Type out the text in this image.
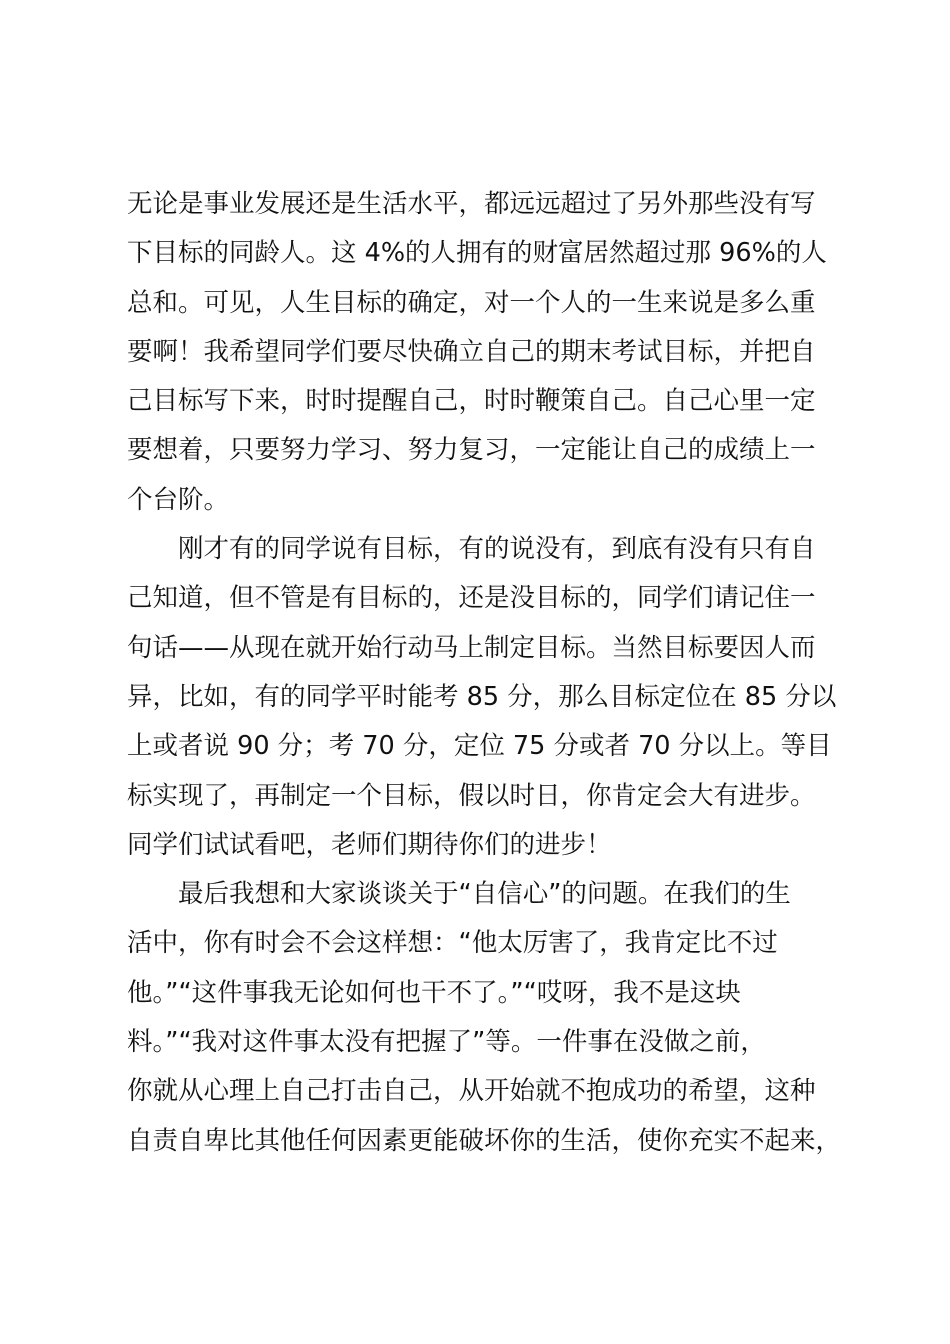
无论是事业发展还是生活水平，都远远超过了另外那些没有写
下目标的同龄人。这 4%的人拥有的财富居然超过那 96%的人
总和。可见，人生目标的确定，对一个人的一生来说是多么重
要啊！我希望同学们要尽快确立自己的期末考试目标，并把自
己目标写下来，时时提醒自己，时时鞭策自己。自己心里一定
要想着，只要努力学习、努力复习，一定能让自己的成绩上一
个台阶。
刚才有的同学说有目标，有的说没有，到底有没有只有自
己知道，但不管是有目标的，还是没目标的，同学们请记住一
句话——从现在就开始行动马上制定目标。当然目标要因人而
异，比如，有的同学平时能考 85 分，那么目标定位在 85 分以
上或者说 90 分；考 70 分，定位 75 分或者 70 分以上。等目
标实现了，再制定一个目标，假以时日，你肯定会大有进步。
同学们试试看吧，老师们期待你们的进步！
最后我想和大家谈谈关于“自信心”的问题。在我们的生
活中，你有时会不会这样想：“他太厉害了，我肯定比不过
他。”“这件事我无论如何也干不了。”“哎呀，我不是这块
料。”“我对这件事太没有把握了”等。一件事在没做之前，
你就从心理上自己打击自己，从开始就不抱成功的希望，这种
自责自卑比其他任何因素更能破坏你的生活，使你充实不起来，
